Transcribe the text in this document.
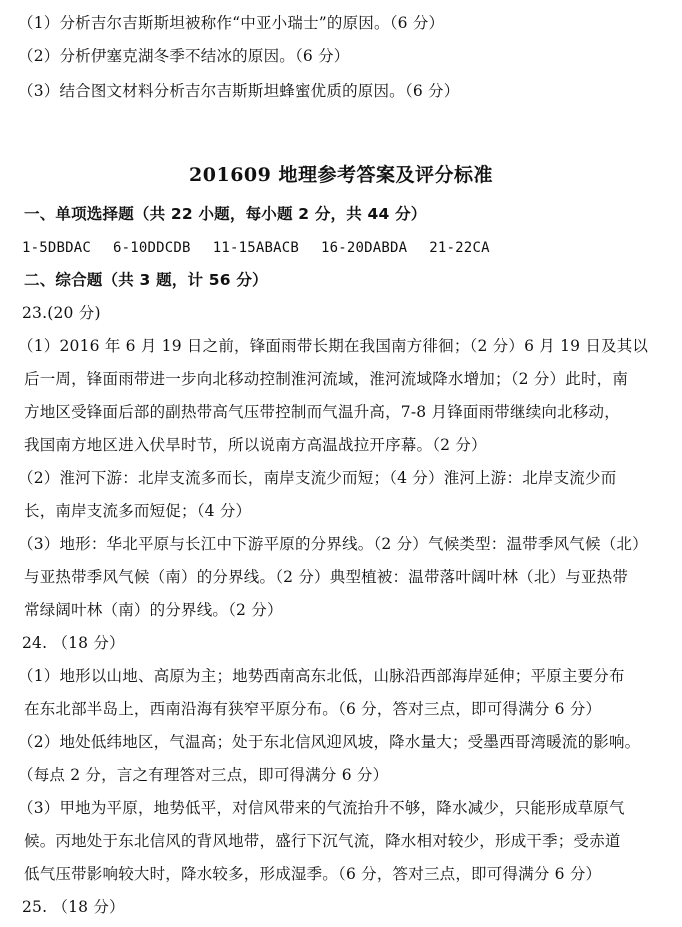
（1）分析吉尔吉斯斯坦被称作“中亚小瑞士”的原因。（6 分）
（2）分析伊塞克湖冬季不结冰的原因。（6 分）
（3）结合图文材料分析吉尔吉斯斯坦蜂蜜优质的原因。（6 分）
201609 地理参考答案及评分标准
一、单项选择题（共 22 小题，每小题 2 分，共 44 分）
1-5DBDAC 6-10DDCDB 11-15ABACB 16-20DABDA 21-22CA
二、综合题（共 3 题，计 56 分）
23.(20 分)
（1）2016 年 6 月 19 日之前，锋面雨带长期在我国南方徘徊；（2 分）6 月 19 日及其以
后一周，锋面雨带进一步向北移动控制淮河流域，淮河流域降水增加；（2 分）此时，南
方地区受锋面后部的副热带高气压带控制而气温升高，7-8 月锋面雨带继续向北移动，
我国南方地区进入伏旱时节，所以说南方高温战拉开序幕。（2 分）
（2）淮河下游：北岸支流多而长，南岸支流少而短；（4 分）淮河上游：北岸支流少而
长，南岸支流多而短促；（4 分）
（3）地形：华北平原与长江中下游平原的分界线。（2 分）气候类型：温带季风气候（北）
与亚热带季风气候（南）的分界线。（2 分）典型植被：温带落叶阔叶林（北）与亚热带
常绿阔叶林（南）的分界线。（2 分）
24. （18 分）
（1）地形以山地、高原为主；地势西南高东北低，山脉沿西部海岸延伸；平原主要分布
在东北部半岛上，西南沿海有狭窄平原分布。（6 分，答对三点，即可得满分 6 分）
（2）地处低纬地区，气温高；处于东北信风迎风坡，降水量大；受墨西哥湾暖流的影响。
（每点 2 分，言之有理答对三点，即可得满分 6 分）
（3）甲地为平原，地势低平，对信风带来的气流抬升不够，降水减少，只能形成草原气
候。丙地处于东北信风的背风地带，盛行下沉气流，降水相对较少，形成干季；受赤道
低气压带影响较大时，降水较多，形成湿季。（6 分，答对三点，即可得满分 6 分）
25. （18 分）
